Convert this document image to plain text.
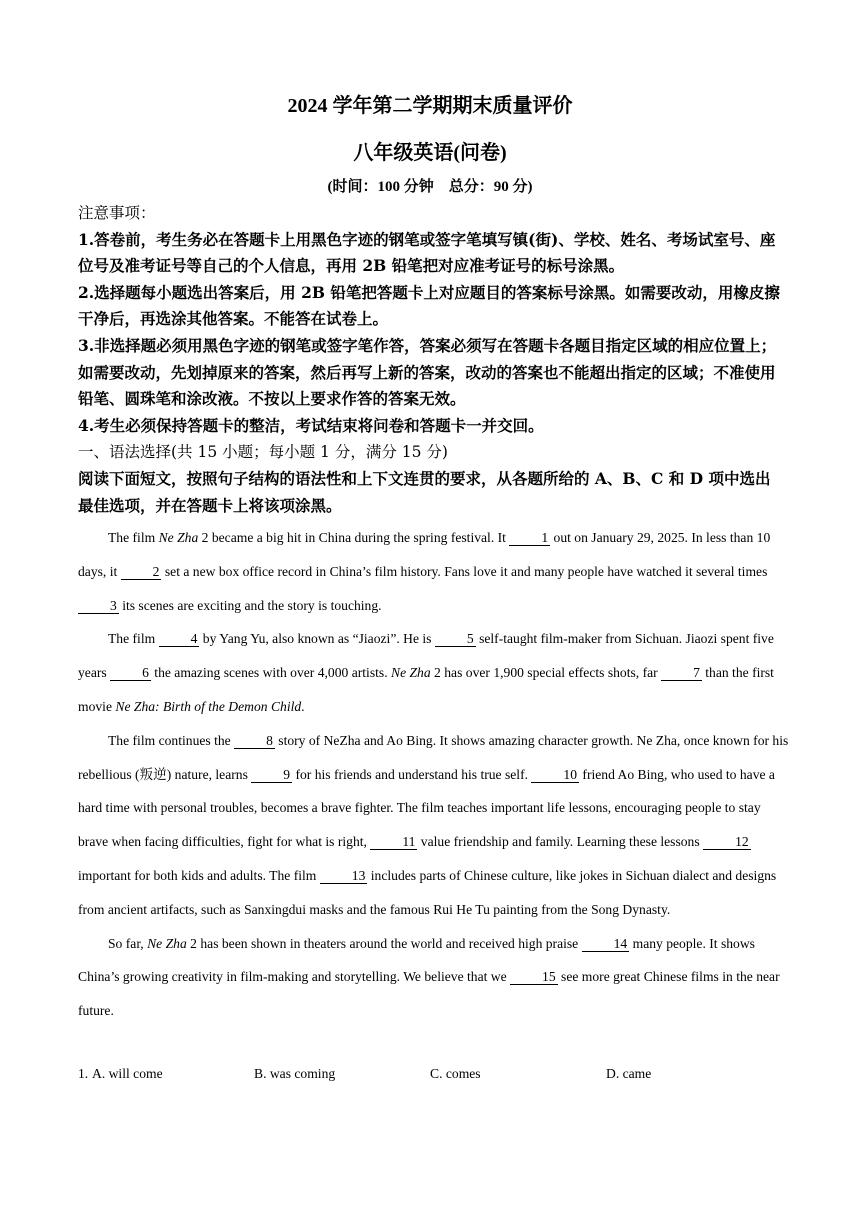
2024 学年第二学期期末质量评价
八年级英语(问卷)
(时间：100 分钟　总分：90 分)

注意事项：

1.答卷前，考生务必在答题卡上用黑色字迹的钢笔或签字笔填写镇(街)、学校、姓名、考场试室号、座位号及准考证号等自己的个人信息，再用 2B 铅笔把对应准考证号的标号涂黑。

2.选择题每小题选出答案后，用 2B 铅笔把答题卡上对应题目的答案标号涂黑。如需要改动，用橡皮擦干净后，再选涂其他答案。不能答在试卷上。

3.非选择题必须用黑色字迹的钢笔或签字笔作答，答案必须写在答题卡各题目指定区域的相应位置上；如需要改动，先划掉原来的答案，然后再写上新的答案，改动的答案也不能超出指定的区域；不准使用铅笔、圆珠笔和涂改液。不按以上要求作答的答案无效。

4.考生必须保持答题卡的整洁，考试结束将问卷和答题卡一并交回。

一、语法选择(共 15 小题；每小题 1 分，满分 15 分)

阅读下面短文，按照句子结构的语法性和上下文连贯的要求，从各题所给的 A、B、C 和 D 项中选出最佳选项，并在答题卡上将该项涂黑。

The film Ne Zha 2 became a big hit in China during the spring festival. It 1 out on January 29, 2025. In less than 10 days, it 2 set a new box office record in China’s film history. Fans love it and many people have watched it several times 3 its scenes are exciting and the story is touching.

The film 4 by Yang Yu, also known as “Jiaozi”. He is 5 self-taught film-maker from Sichuan. Jiaozi spent five years 6 the amazing scenes with over 4,000 artists. Ne Zha 2 has over 1,900 special effects shots, far 7 than the first movie Ne Zha: Birth of the Demon Child.

The film continues the 8 story of NeZha and Ao Bing. It shows amazing character growth. Ne Zha, once known for his rebellious (叛逆) nature, learns 9 for his friends and understand his true self. 10 friend Ao Bing, who used to have a hard time with personal troubles, becomes a brave fighter. The film teaches important life lessons, encouraging people to stay brave when facing difficulties, fight for what is right, 11 value friendship and family. Learning these lessons 12 important for both kids and adults. The film 13 includes parts of Chinese culture, like jokes in Sichuan dialect and designs from ancient artifacts, such as Sanxingdui masks and the famous Rui He Tu painting from the Song Dynasty.

So far, Ne Zha 2 has been shown in theaters around the world and received high praise 14 many people. It shows China’s growing creativity in film-making and storytelling. We believe that we 15 see more great Chinese films in the near future.

1. A. will come	B. was coming	C. comes	D. came
